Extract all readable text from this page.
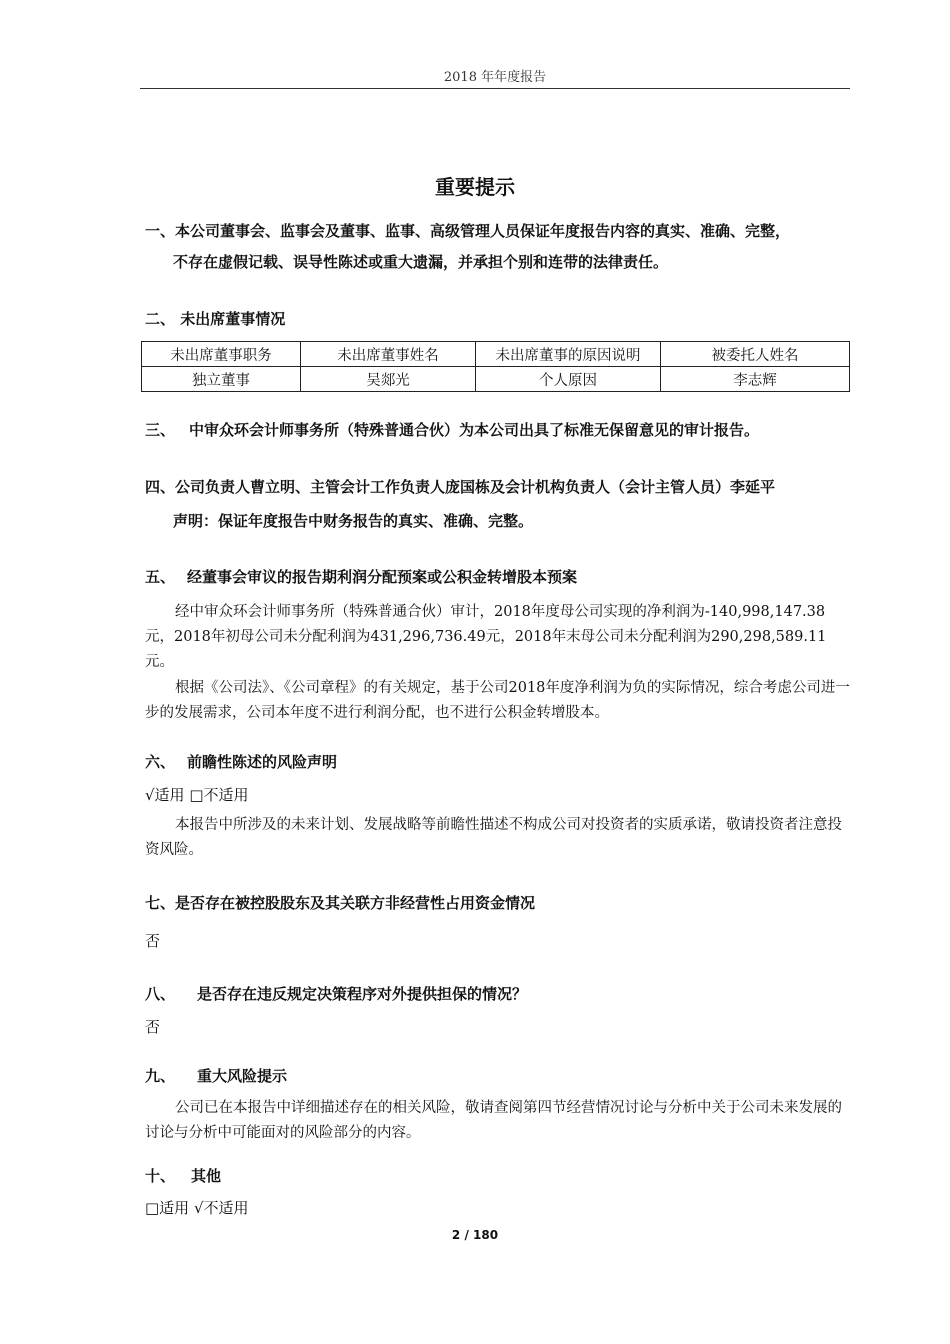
2018 年年度报告
重要提示
一、本公司董事会、监事会及董事、监事、高级管理人员保证年度报告内容的真实、准确、完整，
不存在虚假记载、误导性陈述或重大遗漏，并承担个别和连带的法律责任。
二、 未出席董事情况
未出席董事职务	未出席董事姓名	未出席董事的原因说明	被委托人姓名
独立董事	吴郯光	个人原因	李志辉
三、 中审众环会计师事务所（特殊普通合伙）为本公司出具了标准无保留意见的审计报告。
四、公司负责人曹立明、主管会计工作负责人庞国栋及会计机构负责人（会计主管人员）李延平
声明：保证年度报告中财务报告的真实、准确、完整。
五、 经董事会审议的报告期利润分配预案或公积金转增股本预案
经中审众环会计师事务所（特殊普通合伙）审计，2018年度母公司实现的净利润为-140,998,147.38元，2018年初母公司未分配利润为431,296,736.49元，2018年末母公司未分配利润为290,298,589.11元。
根据《公司法》、《公司章程》的有关规定，基于公司2018年度净利润为负的实际情况，综合考虑公司进一步的发展需求，公司本年度不进行利润分配，也不进行公积金转增股本。
六、 前瞻性陈述的风险声明
√适用 □不适用
本报告中所涉及的未来计划、发展战略等前瞻性描述不构成公司对投资者的实质承诺，敬请投资者注意投资风险。
七、是否存在被控股股东及其关联方非经营性占用资金情况
否
八、 是否存在违反规定决策程序对外提供担保的情况？
否
九、 重大风险提示
公司已在本报告中详细描述存在的相关风险，敬请查阅第四节经营情况讨论与分析中关于公司未来发展的讨论与分析中可能面对的风险部分的内容。
十、 其他
□适用 √不适用
2 / 180
